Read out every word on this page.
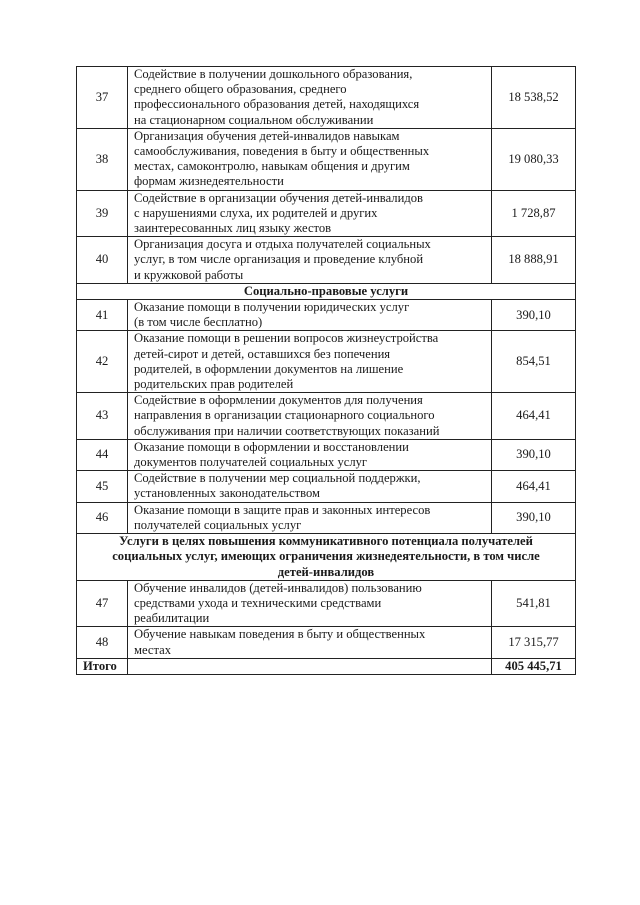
37	Содействие в получении дошкольного образования,
среднего общего образования, среднего
профессионального образования детей, находящихся
на стационарном социальном обслуживании	18 538,52
38	Организация обучения детей-инвалидов навыкам
самообслуживания, поведения в быту и общественных
местах, самоконтролю, навыкам общения и другим
формам жизнедеятельности	19 080,33
39	Содействие в организации обучения детей-инвалидов
с нарушениями слуха, их родителей и других
заинтересованных лиц языку жестов	1 728,87
40	Организация досуга и отдыха получателей социальных
услуг, в том числе организация и проведение клубной
и кружковой работы	18 888,91
Социально-правовые услуги		
41	Оказание помощи в получении юридических услуг
(в том числе бесплатно)	390,10
42	Оказание помощи в решении вопросов жизнеустройства
детей-сирот и детей, оставшихся без попечения
родителей, в оформлении документов на лишение
родительских прав родителей	854,51
43	Содействие в оформлении документов для получения
направления в организации стационарного социального
обслуживания при наличии соответствующих показаний	464,41
44	Оказание помощи в оформлении и восстановлении
документов получателей социальных услуг	390,10
45	Содействие в получении мер социальной поддержки,
установленных законодательством	464,41
46	Оказание помощи в защите прав и законных интересов
получателей социальных услуг	390,10

Услуги в целях повышения коммуникативного потенциала получателей
социальных услуг, имеющих ограничения жизнедеятельности, в том числе
детей-инвалидов		

47	Обучение инвалидов (детей-инвалидов) пользованию
средствами ухода и техническими средствами
реабилитации	541,81
48	Обучение навыкам поведения в быту и общественных
местах	17 315,77
Итого		405 445,71
